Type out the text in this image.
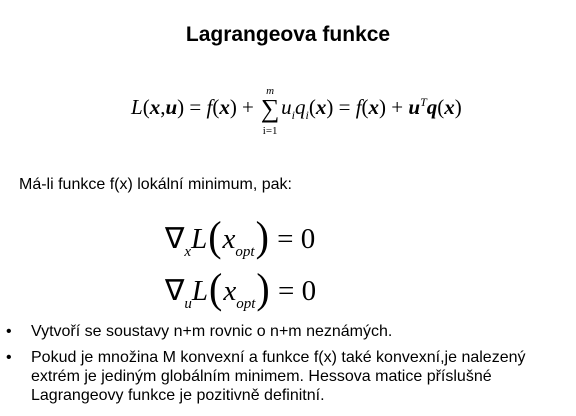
Lagrangeova funkce
L(x,u) = f(x) +
m
∑
i=1
$u_iq_i(x) = f(x) + u^Tq(x)$
Má-li funkce f(x) lokální minimum, pak:
$\nabla_xL(x_{opt}) = 0$
$\nabla_uL(x_{opt}) = 0$
• Vytvoří se soustavy n+m rovnic o n+m neznámých.
• Pokud je množina M konvexní a funkce f(x) také konvexní,je nalezený extrém je jediným globálním minimem. Hessova matice příslušné Lagrangeovy funkce je pozitivně definitní.
